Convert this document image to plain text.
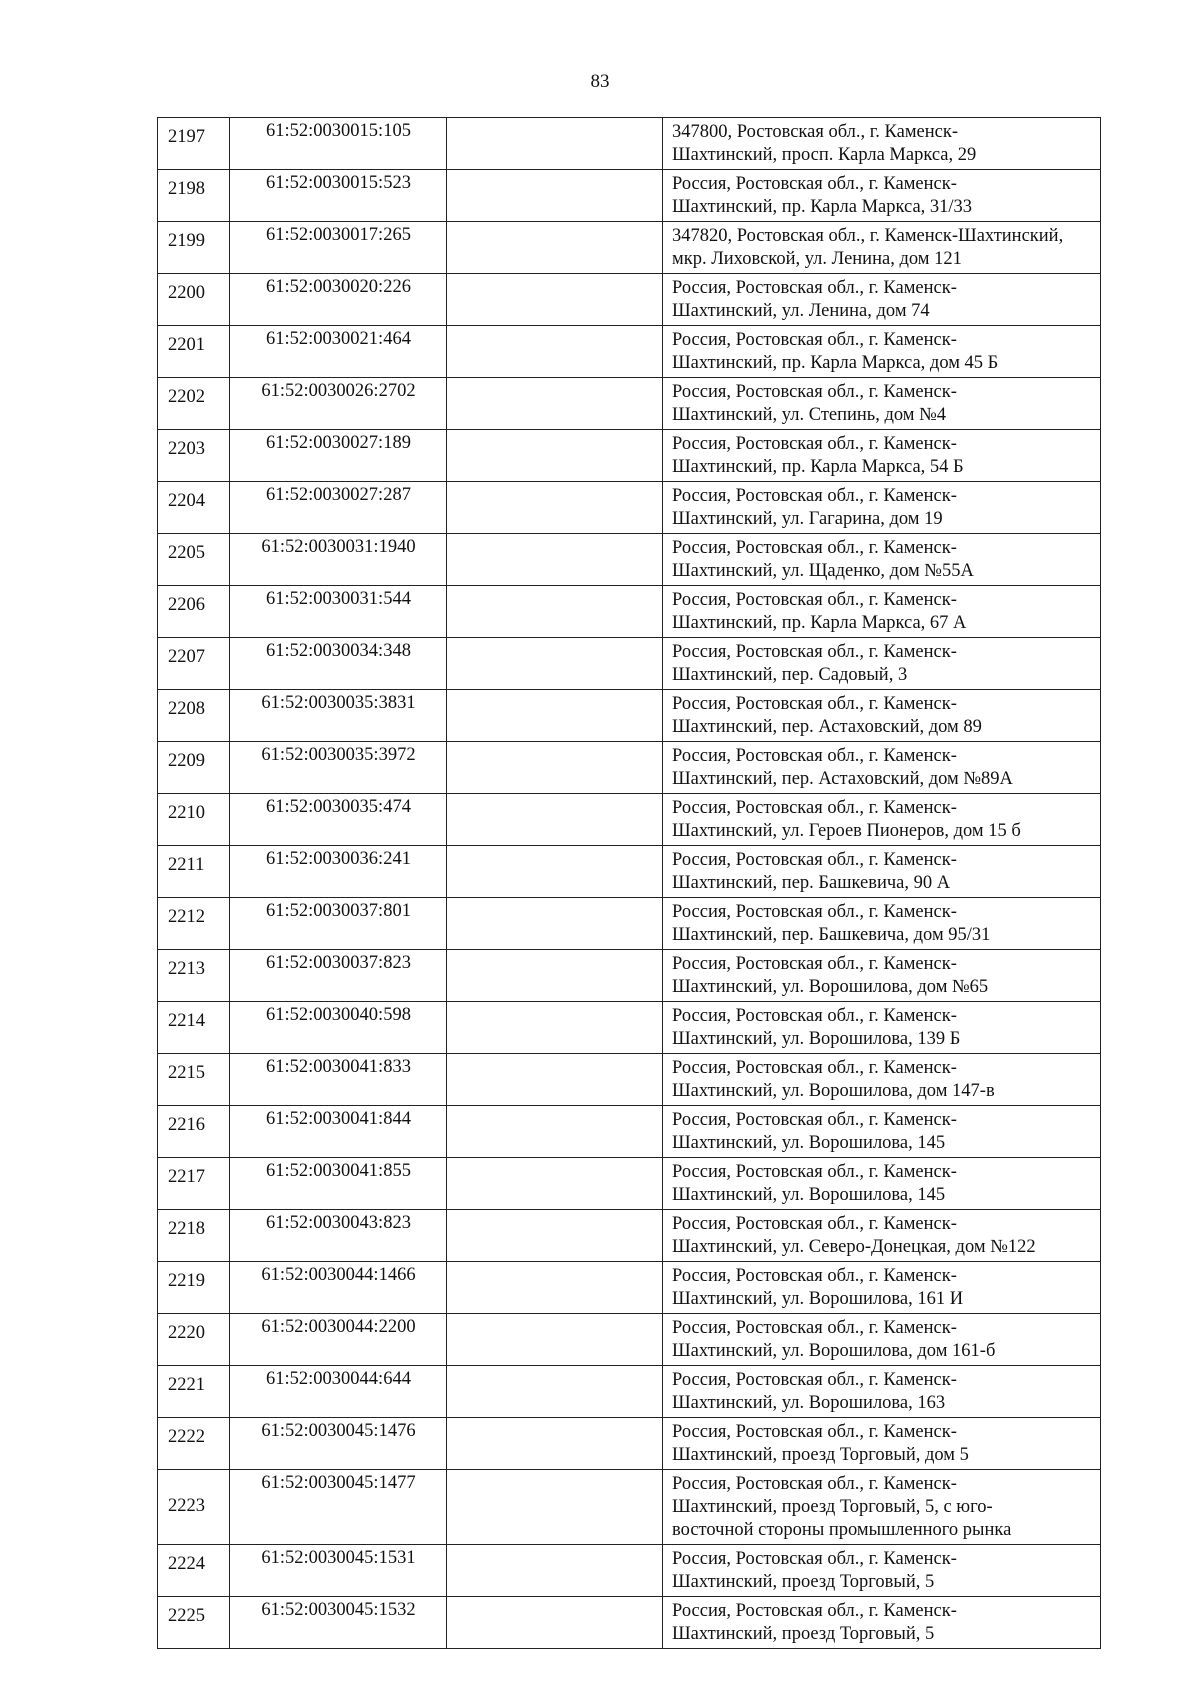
83
2197	61:52:0030015:105		347800, Ростовская обл., г. Каменск-
Шахтинский, просп. Карла Маркса, 29

2198	61:52:0030015:523		Россия, Ростовская обл., г. Каменск-
Шахтинский, пр. Карла Маркса, 31/33

2199	61:52:0030017:265		347820, Ростовская обл., г. Каменск-Шахтинский,
мкр. Лиховской, ул. Ленина, дом 121

2200	61:52:0030020:226		Россия, Ростовская обл., г. Каменск-
Шахтинский, ул. Ленина, дом 74

2201	61:52:0030021:464		Россия, Ростовская обл., г. Каменск-
Шахтинский, пр. Карла Маркса, дом 45 Б

2202	61:52:0030026:2702		Россия, Ростовская обл., г. Каменск-
Шахтинский, ул. Степинь, дом №4

2203	61:52:0030027:189		Россия, Ростовская обл., г. Каменск-
Шахтинский, пр. Карла Маркса, 54 Б

2204	61:52:0030027:287		Россия, Ростовская обл., г. Каменск-
Шахтинский, ул. Гагарина, дом 19

2205	61:52:0030031:1940		Россия, Ростовская обл., г. Каменск-
Шахтинский, ул. Щаденко, дом №55А

2206	61:52:0030031:544		Россия, Ростовская обл., г. Каменск-
Шахтинский, пр. Карла Маркса, 67 А

2207	61:52:0030034:348		Россия, Ростовская обл., г. Каменск-
Шахтинский, пер. Садовый, 3

2208	61:52:0030035:3831		Россия, Ростовская обл., г. Каменск-
Шахтинский, пер. Астаховский, дом 89

2209	61:52:0030035:3972		Россия, Ростовская обл., г. Каменск-
Шахтинский, пер. Астаховский, дом №89А

2210	61:52:0030035:474		Россия, Ростовская обл., г. Каменск-
Шахтинский, ул. Героев Пионеров, дом 15 б

2211	61:52:0030036:241		Россия, Ростовская обл., г. Каменск-
Шахтинский, пер. Башкевича, 90 А

2212	61:52:0030037:801		Россия, Ростовская обл., г. Каменск-
Шахтинский, пер. Башкевича, дом 95/31

2213	61:52:0030037:823		Россия, Ростовская обл., г. Каменск-
Шахтинский, ул. Ворошилова, дом №65

2214	61:52:0030040:598		Россия, Ростовская обл., г. Каменск-
Шахтинский, ул. Ворошилова, 139 Б

2215	61:52:0030041:833		Россия, Ростовская обл., г. Каменск-
Шахтинский, ул. Ворошилова, дом 147-в

2216	61:52:0030041:844		Россия, Ростовская обл., г. Каменск-
Шахтинский, ул. Ворошилова, 145

2217	61:52:0030041:855		Россия, Ростовская обл., г. Каменск-
Шахтинский, ул. Ворошилова, 145

2218	61:52:0030043:823		Россия, Ростовская обл., г. Каменск-
Шахтинский, ул. Северо-Донецкая, дом №122

2219	61:52:0030044:1466		Россия, Ростовская обл., г. Каменск-
Шахтинский, ул. Ворошилова, 161 И

2220	61:52:0030044:2200		Россия, Ростовская обл., г. Каменск-
Шахтинский, ул. Ворошилова, дом 161-б

2221	61:52:0030044:644		Россия, Ростовская обл., г. Каменск-
Шахтинский, ул. Ворошилова, 163

2222	61:52:0030045:1476		Россия, Ростовская обл., г. Каменск-
Шахтинский, проезд Торговый, дом 5

2223	61:52:0030045:1477		Россия, Ростовская обл., г. Каменск-
Шахтинский, проезд Торговый, 5, с юго-
восточной стороны промышленного рынка

2224	61:52:0030045:1531		Россия, Ростовская обл., г. Каменск-
Шахтинский, проезд Торговый, 5

2225	61:52:0030045:1532		Россия, Ростовская обл., г. Каменск-
Шахтинский, проезд Торговый, 5
